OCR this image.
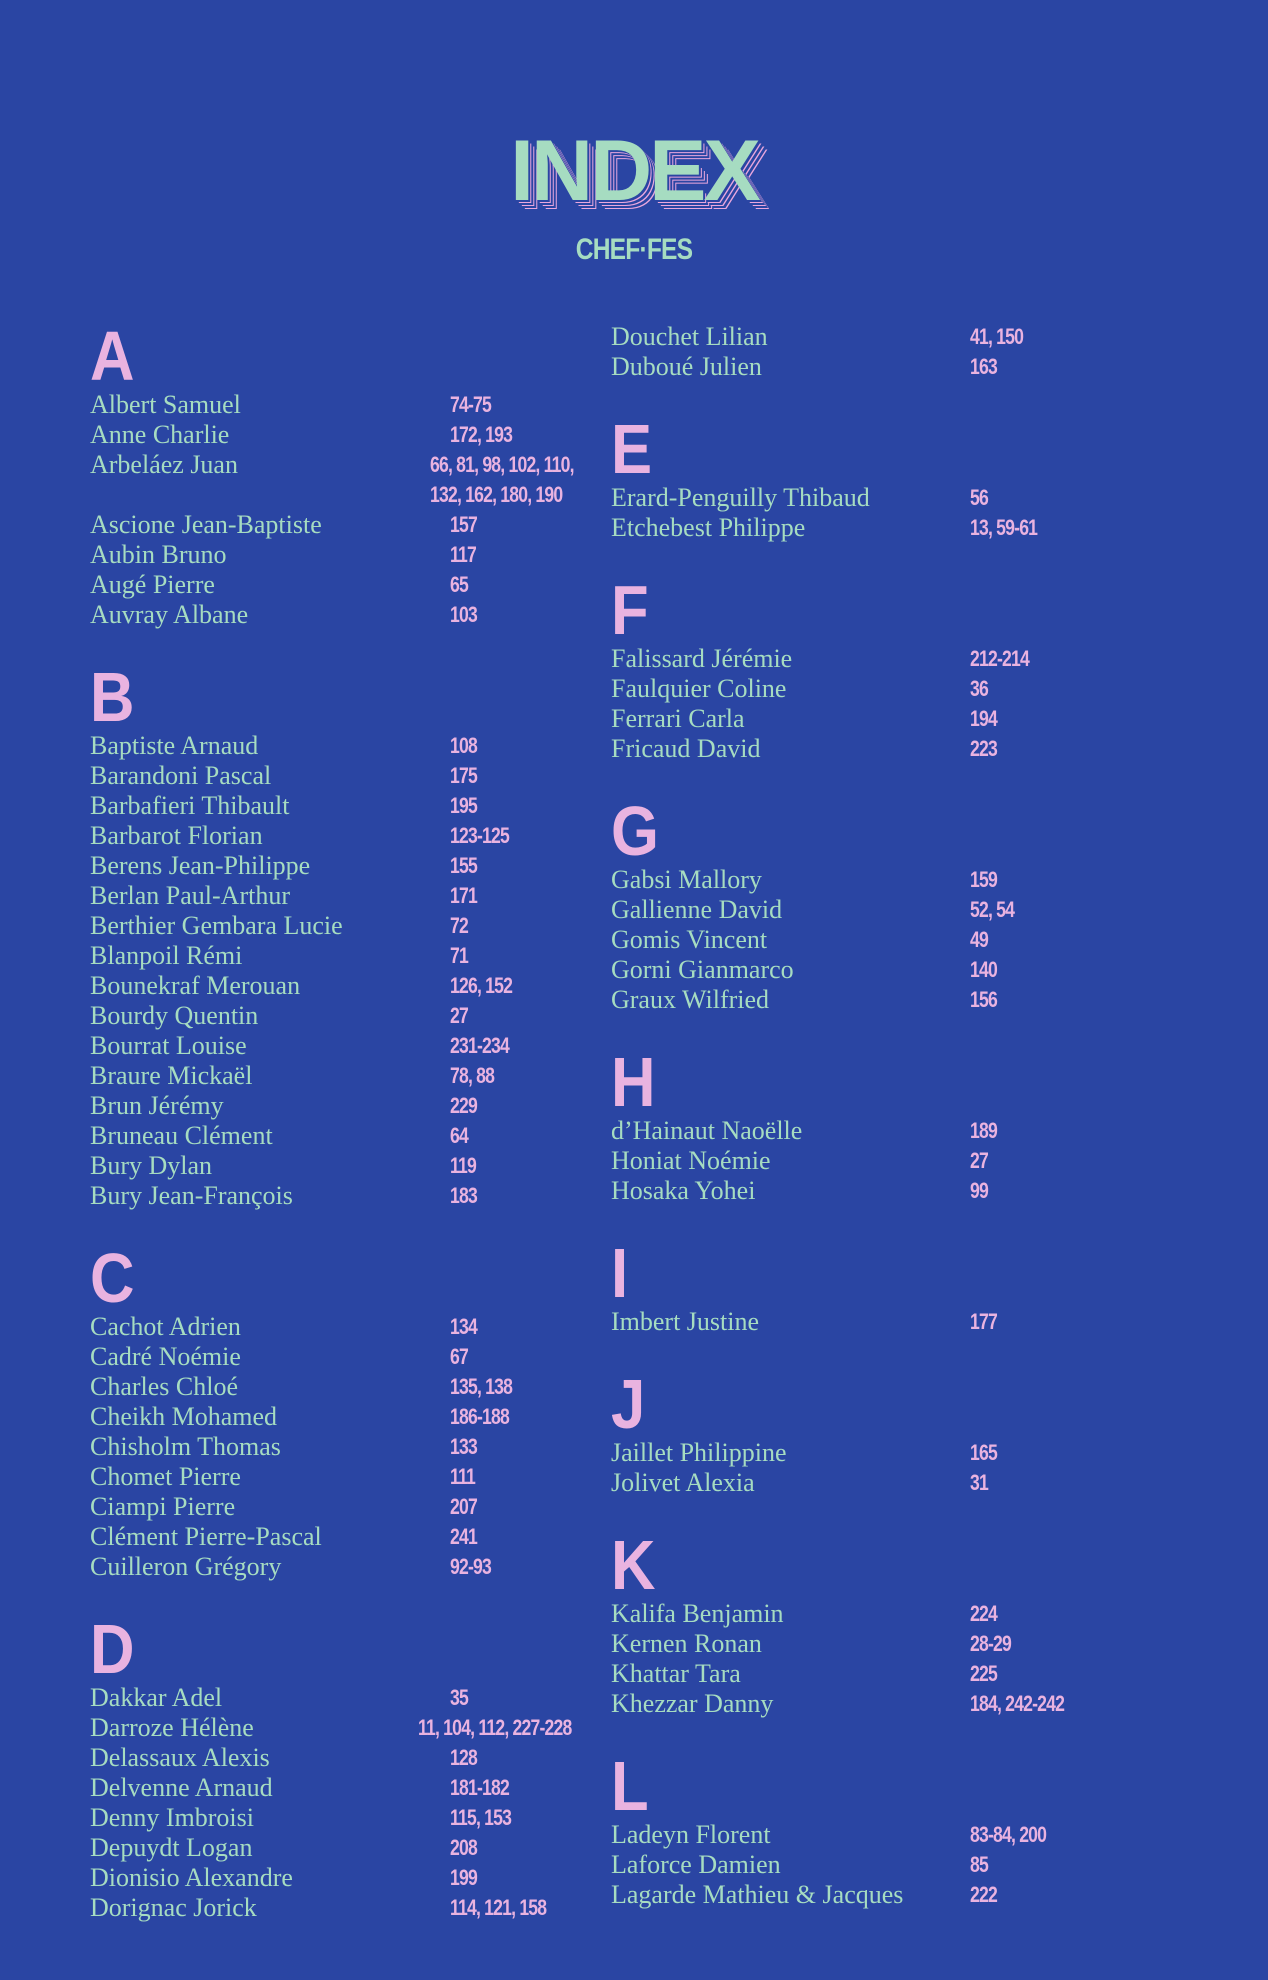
INDEX
CHEF·FES
A
Albert Samuel	74-75
Anne Charlie	172, 193
Arbeláez Juan	66, 81, 98, 102, 110,
132, 162, 180, 190
Ascione Jean-Baptiste	157
Aubin Bruno	117
Augé Pierre	65
Auvray Albane	103
B
Baptiste Arnaud	108
Barandoni Pascal	175
Barbafieri Thibault	195
Barbarot Florian	123-125
Berens Jean-Philippe	155
Berlan Paul-Arthur	171
Berthier Gembara Lucie	72
Blanpoil Rémi	71
Bounekraf Merouan	126, 152
Bourdy Quentin	27
Bourrat Louise	231-234
Braure Mickaël	78, 88
Brun Jérémy	229
Bruneau Clément	64
Bury Dylan	119
Bury Jean-François	183
C
Cachot Adrien	134
Cadré Noémie	67
Charles Chloé	135, 138
Cheikh Mohamed	186-188
Chisholm Thomas	133
Chomet Pierre	111
Ciampi Pierre	207
Clément Pierre-Pascal	241
Cuilleron Grégory	92-93
D
Dakkar Adel	35
Darroze Hélène	11, 104, 112, 227-228
Delassaux Alexis	128
Delvenne Arnaud	181-182
Denny Imbroisi	115, 153
Depuydt Logan	208
Dionisio Alexandre	199
Dorignac Jorick	114, 121, 158
Douchet Lilian	41, 150
Duboué Julien	163
E
Erard-Penguilly Thibaud	56
Etchebest Philippe	13, 59-61
F
Falissard Jérémie	212-214
Faulquier Coline	36
Ferrari Carla	194
Fricaud David	223
G
Gabsi Mallory	159
Gallienne David	52, 54
Gomis Vincent	49
Gorni Gianmarco	140
Graux Wilfried	156
H
d’Hainaut Naoëlle	189
Honiat Noémie	27
Hosaka Yohei	99
I
Imbert Justine	177
J
Jaillet Philippine	165
Jolivet Alexia	31
K
Kalifa Benjamin	224
Kernen Ronan	28-29
Khattar Tara	225
Khezzar Danny	184, 242-242
L
Ladeyn Florent	83-84, 200
Laforce Damien	85
Lagarde Mathieu & Jacques	222
